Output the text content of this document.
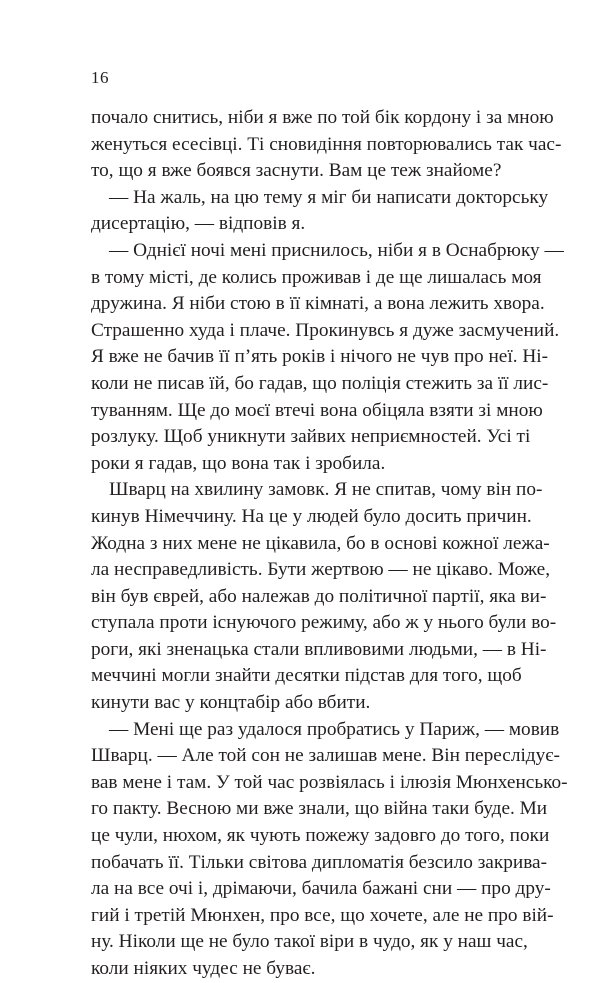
16
почало снитись, ніби я вже по той бік кордону і за мною
женуться есесівці. Ті сновидіння повторювались так час-
то, що я вже боявся заснути. Вам це теж знайоме?
— На жаль, на цю тему я міг би написати докторську
дисертацію, — відповів я.
— Однієї ночі мені приснилось, ніби я в Оснабрюку —
в тому місті, де колись проживав і де ще лишалась моя
дружина. Я ніби стою в її кімнаті, а вона лежить хвора.
Страшенно худа і плаче. Прокинувсь я дуже засмучений.
Я вже не бачив її п’ять років і нічого не чув про неї. Ні-
коли не писав їй, бо гадав, що поліція стежить за її лис-
туванням. Ще до моєї втечі вона обіцяла взяти зі мною
розлуку. Щоб уникнути зайвих неприємностей. Усі ті
роки я гадав, що вона так і зробила.
Шварц на хвилину замовк. Я не спитав, чому він по-
кинув Німеччину. На це у людей було досить причин.
Жодна з них мене не цікавила, бо в основі кожної лежа-
ла несправедливість. Бути жертвою — не цікаво. Може,
він був єврей, або належав до політичної партії, яка ви-
ступала проти існуючого режиму, або ж у нього були во-
роги, які зненацька стали впливовими людьми, — в Ні-
меччині могли знайти десятки підстав для того, щоб
кинути вас у концтабір або вбити.
— Мені ще раз удалося пробратись у Париж, — мовив
Шварц. — Але той сон не залишав мене. Він переслідує-
вав мене і там. У той час розвіялась і ілюзія Мюнхенсько-
го пакту. Весною ми вже знали, що війна таки буде. Ми
це чули, нюхом, як чують пожежу задовго до того, поки
побачать її. Тільки світова дипломатія безсило закрива-
ла на все очі і, дрімаючи, бачила бажані сни — про дру-
гий і третій Мюнхен, про все, що хочете, але не про вій-
ну. Ніколи ще не було такої віри в чудо, як у наш час,
коли ніяких чудес не буває.
